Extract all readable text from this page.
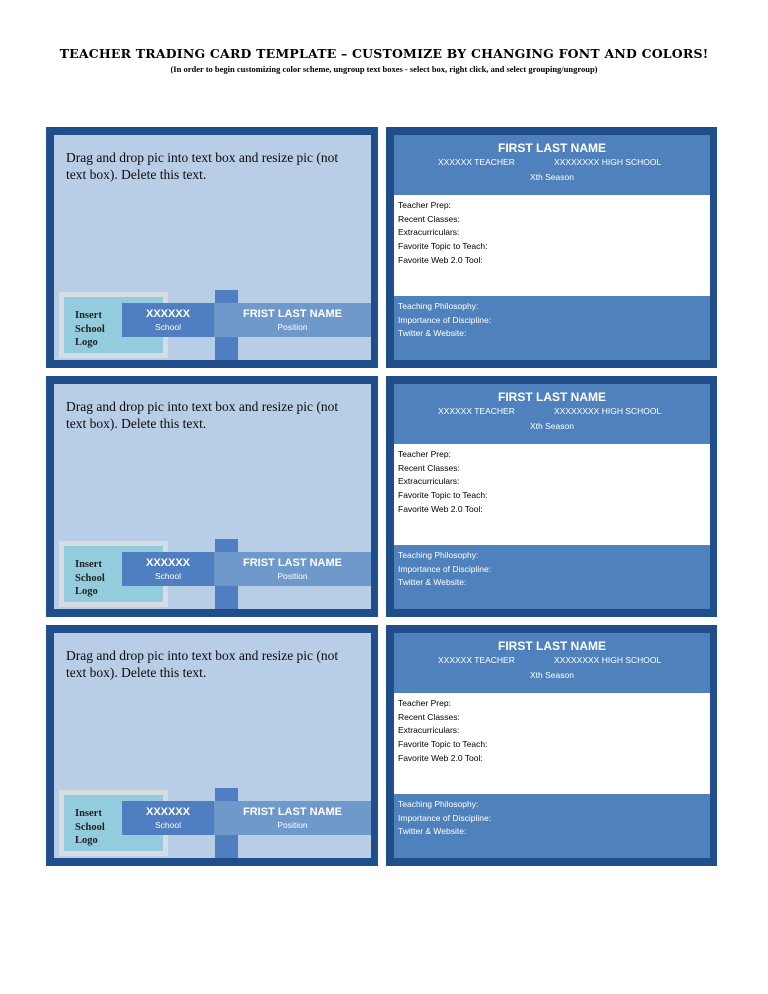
TEACHER TRADING CARD TEMPLATE – CUSTOMIZE BY CHANGING FONT AND COLORS!
(In order to begin customizing color scheme, ungroup text boxes - select box, right click, and select grouping/ungroup)
Drag and drop pic into text box and resize pic (not text box). Delete this text.
Insert
School
Logo
XXXXXX
School
FRIST LAST NAME
Position
FIRST LAST NAME
XXXXXX TEACHER	XXXXXXXX HIGH SCHOOL
Xth Season
Teacher Prep:
Recent Classes:
Extracurriculars:
Favorite Topic to Teach:
Favorite Web 2.0 Tool:
Teaching Philosophy:
Importance of Discipline:
Twitter & Website:
Drag and drop pic into text box and resize pic (not text box). Delete this text.
Insert
School
Logo
XXXXXX
School
FRIST LAST NAME
Position
FIRST LAST NAME
XXXXXX TEACHER	XXXXXXXX HIGH SCHOOL
Xth Season
Teacher Prep:
Recent Classes:
Extracurriculars:
Favorite Topic to Teach:
Favorite Web 2.0 Tool:
Teaching Philosophy:
Importance of Discipline:
Twitter & Website:
Drag and drop pic into text box and resize pic (not text box). Delete this text.
Insert
School
Logo
XXXXXX
School
FRIST LAST NAME
Position
FIRST LAST NAME
XXXXXX TEACHER	XXXXXXXX HIGH SCHOOL
Xth Season
Teacher Prep:
Recent Classes:
Extracurriculars:
Favorite Topic to Teach:
Favorite Web 2.0 Tool:
Teaching Philosophy:
Importance of Discipline:
Twitter & Website:
